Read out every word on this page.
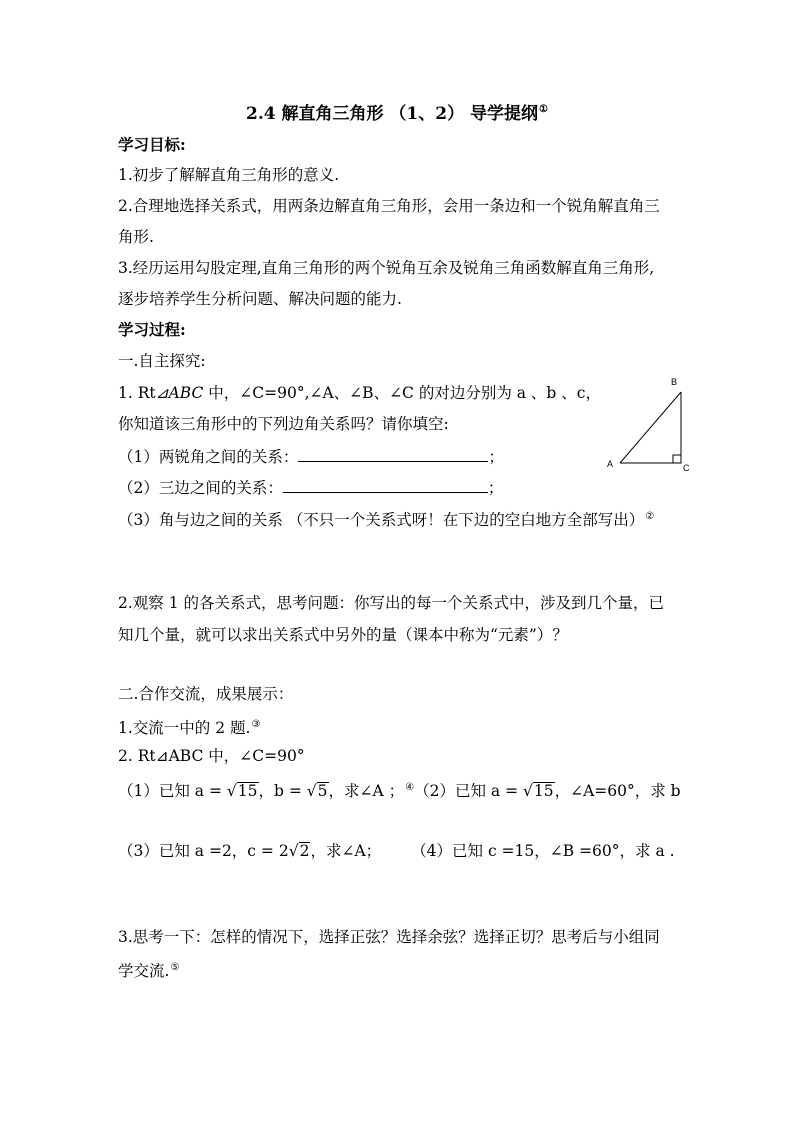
2.4 解直角三角形 （1、2） 导学提纲①
学习目标:
1.初步了解解直角三角形的意义.
2.合理地选择关系式，用两条边解直角三角形，会用一条边和一个锐角解直角三
角形.
3.经历运用勾股定理,直角三角形的两个锐角互余及锐角三角函数解直角三角形,
逐步培养学生分析问题、解决问题的能力.
学习过程:
一.自主探究:
1. Rt⊿ABC 中，∠C=90°,∠A、∠B、∠C 的对边分别为 a 、b 、c，
你知道该三角形中的下列边角关系吗？请你填空:
（1）两锐角之间的关系：	；
（2）三边之间的关系：	；
（3）角与边之间的关系 （不只一个关系式呀！在下边的空白地方全部写出）②
A
B
C
2.观察 1 的各关系式，思考问题：你写出的每一个关系式中，涉及到几个量，已
知几个量，就可以求出关系式中另外的量（课本中称为“元素”）？
二.合作交流，成果展示：
1.交流一中的 2 题.③
2. Rt⊿ABC 中，∠C=90°
（1）已知 a = √15，b = √5，求∠A ；④（2）已知 a = √15，∠A=60°，求 b
（3）已知 a =2，c = 2√2，求∠A； （4）已知 c =15，∠B =60°，求 a .
3.思考一下：怎样的情况下，选择正弦？选择余弦？选择正切？思考后与小组同
学交流.⑤
